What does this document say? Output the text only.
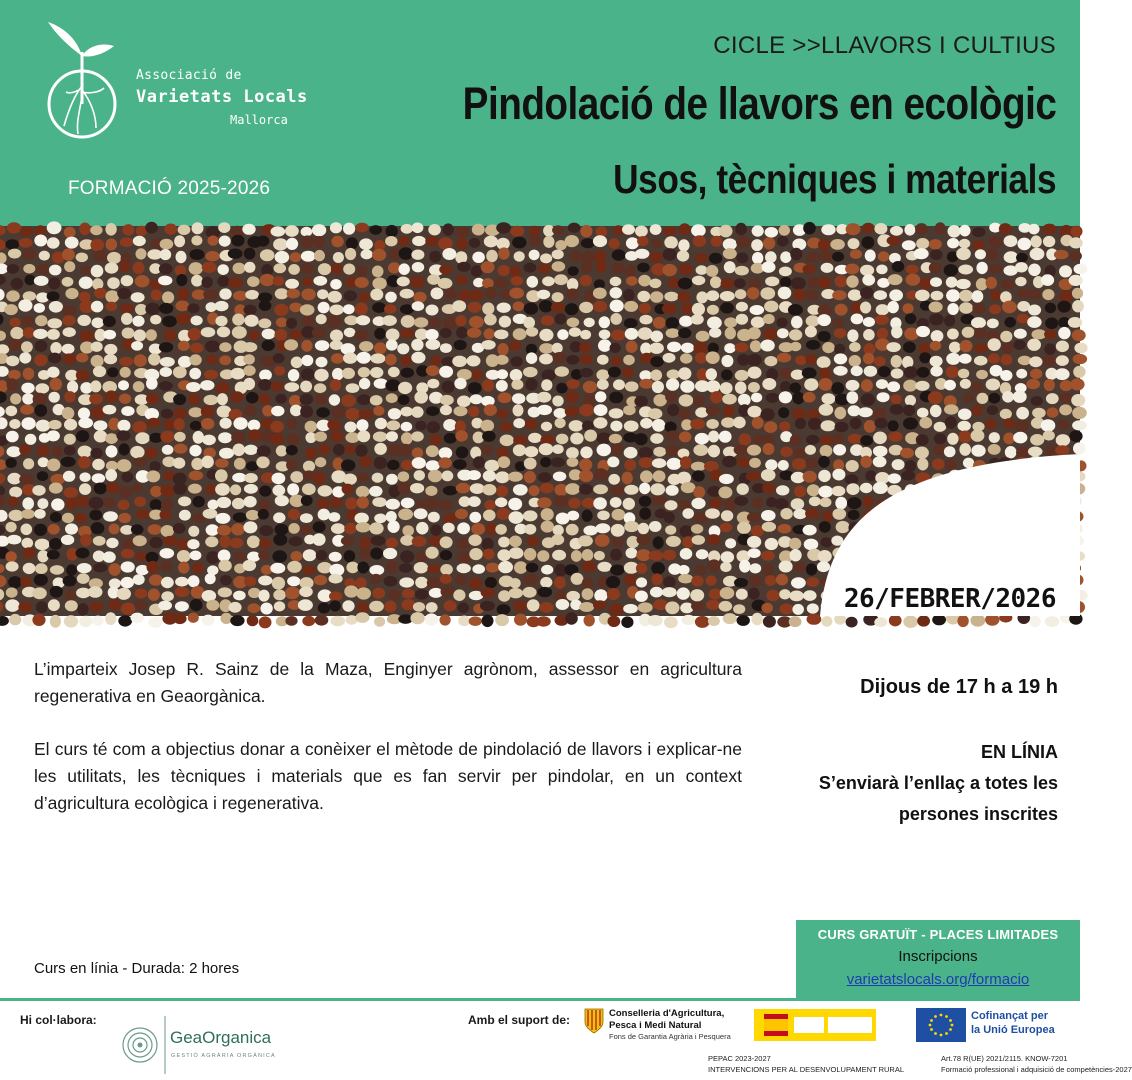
Associació de
Varietats Locals
Mallorca
FORMACIÓ 2025-2026
CICLE >>LLAVORS I CULTIUS
Pindolació de llavors en ecològic
Usos, tècniques i materials
26/FEBRER/2026

L’imparteix Josep R. Sainz de la Maza, Enginyer agrònom, assessor en agricultura regenerativa en Geaorgànica.

El curs té com a objectius donar a conèixer el mètode de pindolació de llavors i explicar-ne les utilitats, les tècniques i materials que es fan servir per pindolar, en un context d’agricultura ecològica i regenerativa.

Dijous de 17 h a 19 h
EN LÍNIA
S’enviarà l’enllaç a totes les
persones inscrites
Curs en línia - Durada: 2 hores
CURS GRATUÏT - PLACES LIMITADES
Inscripcions
varietatslocals.org/formacio
Hi col·labora:
GeaOrganica
GESTIÓ AGRÀRIA ORGÀNICA
Amb el suport de:	Conselleria d'Agricultura,
Pesca i Medi Natural
Fons de Garantia Agrària i Pesquera
Cofinançat per
la Unió Europea
PEPAC 2023-2027
INTERVENCIONS PER AL DESENVOLUPAMENT RURAL
Art.78 R(UE) 2021/2115. KNOW-7201
Formació professional i adquisició de competències-2027
